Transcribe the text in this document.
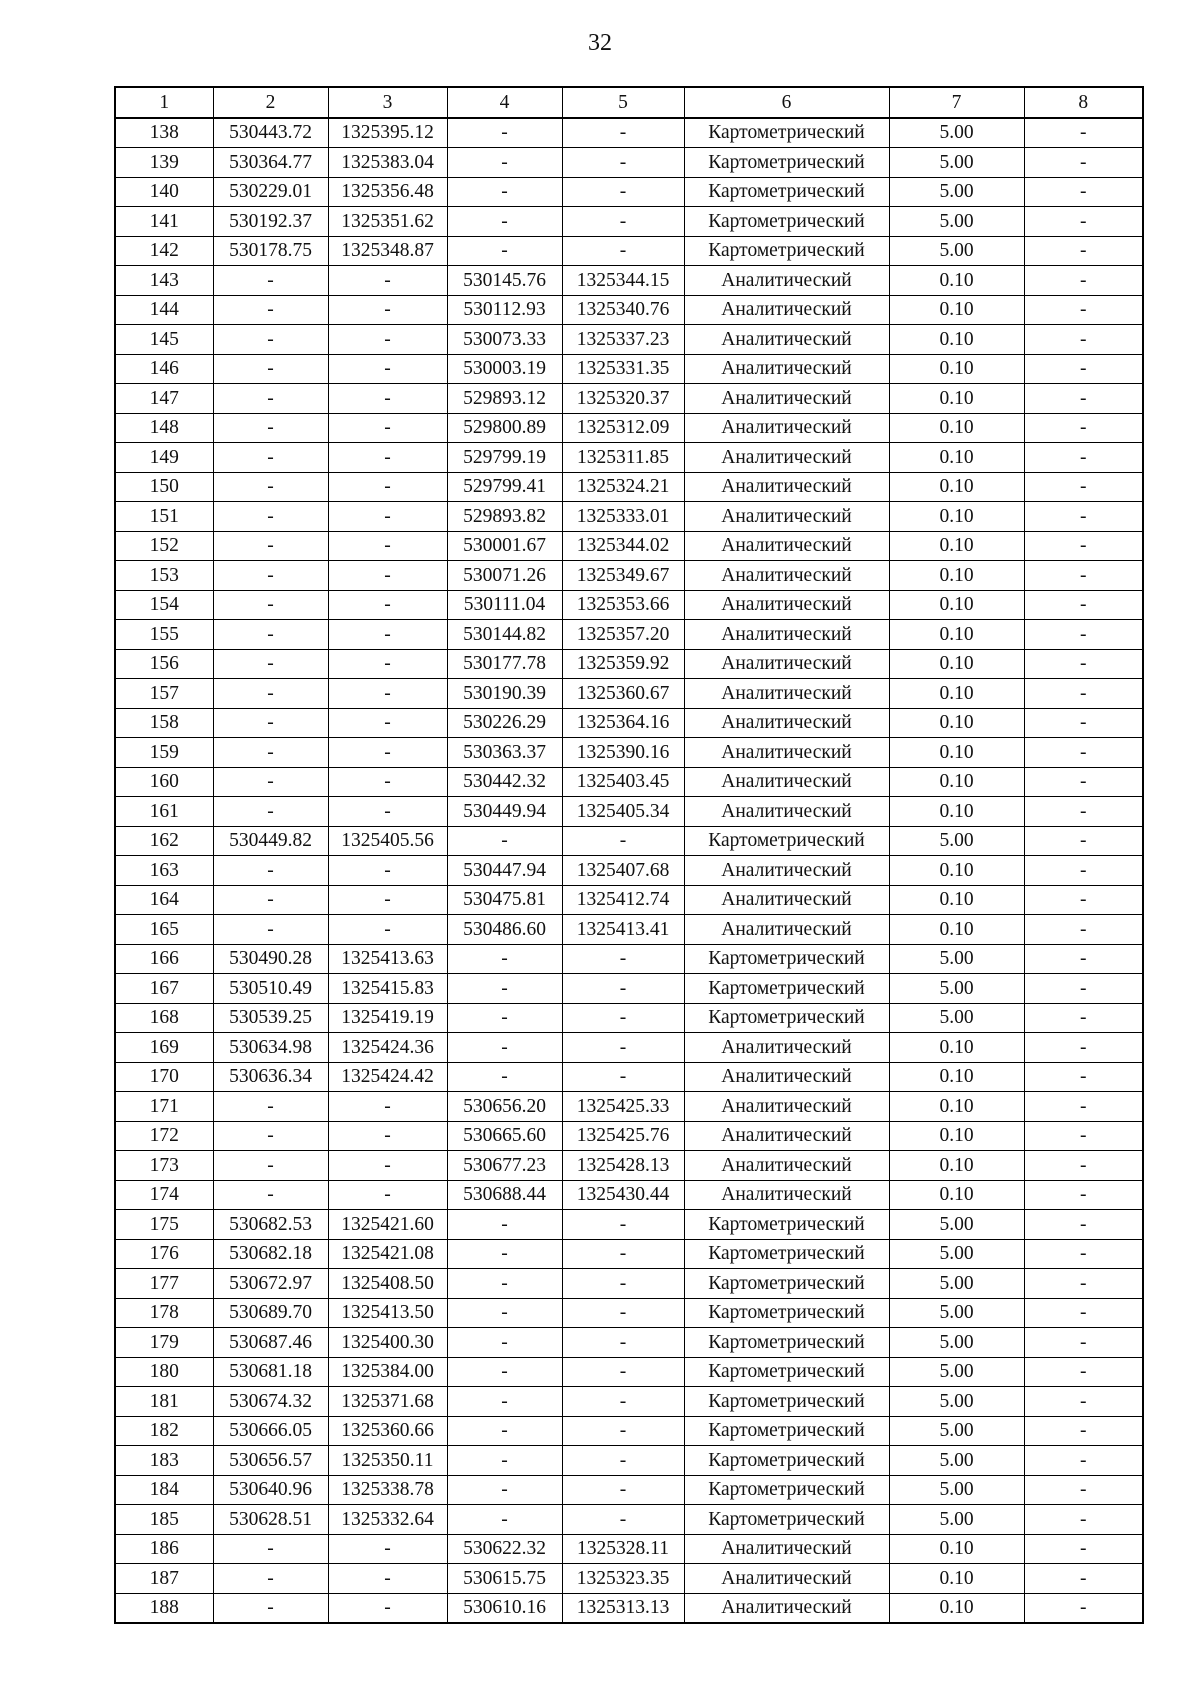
32
1	2	3	4	5	6	7	8
138	530443.72	1325395.12	-	-	Картометрический	5.00	-
139	530364.77	1325383.04	-	-	Картометрический	5.00	-
140	530229.01	1325356.48	-	-	Картометрический	5.00	-
141	530192.37	1325351.62	-	-	Картометрический	5.00	-
142	530178.75	1325348.87	-	-	Картометрический	5.00	-
143	-	-	530145.76	1325344.15	Аналитический	0.10	-
144	-	-	530112.93	1325340.76	Аналитический	0.10	-
145	-	-	530073.33	1325337.23	Аналитический	0.10	-
146	-	-	530003.19	1325331.35	Аналитический	0.10	-
147	-	-	529893.12	1325320.37	Аналитический	0.10	-
148	-	-	529800.89	1325312.09	Аналитический	0.10	-
149	-	-	529799.19	1325311.85	Аналитический	0.10	-
150	-	-	529799.41	1325324.21	Аналитический	0.10	-
151	-	-	529893.82	1325333.01	Аналитический	0.10	-
152	-	-	530001.67	1325344.02	Аналитический	0.10	-
153	-	-	530071.26	1325349.67	Аналитический	0.10	-
154	-	-	530111.04	1325353.66	Аналитический	0.10	-
155	-	-	530144.82	1325357.20	Аналитический	0.10	-
156	-	-	530177.78	1325359.92	Аналитический	0.10	-
157	-	-	530190.39	1325360.67	Аналитический	0.10	-
158	-	-	530226.29	1325364.16	Аналитический	0.10	-
159	-	-	530363.37	1325390.16	Аналитический	0.10	-
160	-	-	530442.32	1325403.45	Аналитический	0.10	-
161	-	-	530449.94	1325405.34	Аналитический	0.10	-
162	530449.82	1325405.56	-	-	Картометрический	5.00	-
163	-	-	530447.94	1325407.68	Аналитический	0.10	-
164	-	-	530475.81	1325412.74	Аналитический	0.10	-
165	-	-	530486.60	1325413.41	Аналитический	0.10	-
166	530490.28	1325413.63	-	-	Картометрический	5.00	-
167	530510.49	1325415.83	-	-	Картометрический	5.00	-
168	530539.25	1325419.19	-	-	Картометрический	5.00	-
169	530634.98	1325424.36	-	-	Аналитический	0.10	-
170	530636.34	1325424.42	-	-	Аналитический	0.10	-
171	-	-	530656.20	1325425.33	Аналитический	0.10	-
172	-	-	530665.60	1325425.76	Аналитический	0.10	-
173	-	-	530677.23	1325428.13	Аналитический	0.10	-
174	-	-	530688.44	1325430.44	Аналитический	0.10	-
175	530682.53	1325421.60	-	-	Картометрический	5.00	-
176	530682.18	1325421.08	-	-	Картометрический	5.00	-
177	530672.97	1325408.50	-	-	Картометрический	5.00	-
178	530689.70	1325413.50	-	-	Картометрический	5.00	-
179	530687.46	1325400.30	-	-	Картометрический	5.00	-
180	530681.18	1325384.00	-	-	Картометрический	5.00	-
181	530674.32	1325371.68	-	-	Картометрический	5.00	-
182	530666.05	1325360.66	-	-	Картометрический	5.00	-
183	530656.57	1325350.11	-	-	Картометрический	5.00	-
184	530640.96	1325338.78	-	-	Картометрический	5.00	-
185	530628.51	1325332.64	-	-	Картометрический	5.00	-
186	-	-	530622.32	1325328.11	Аналитический	0.10	-
187	-	-	530615.75	1325323.35	Аналитический	0.10	-
188	-	-	530610.16	1325313.13	Аналитический	0.10	-
